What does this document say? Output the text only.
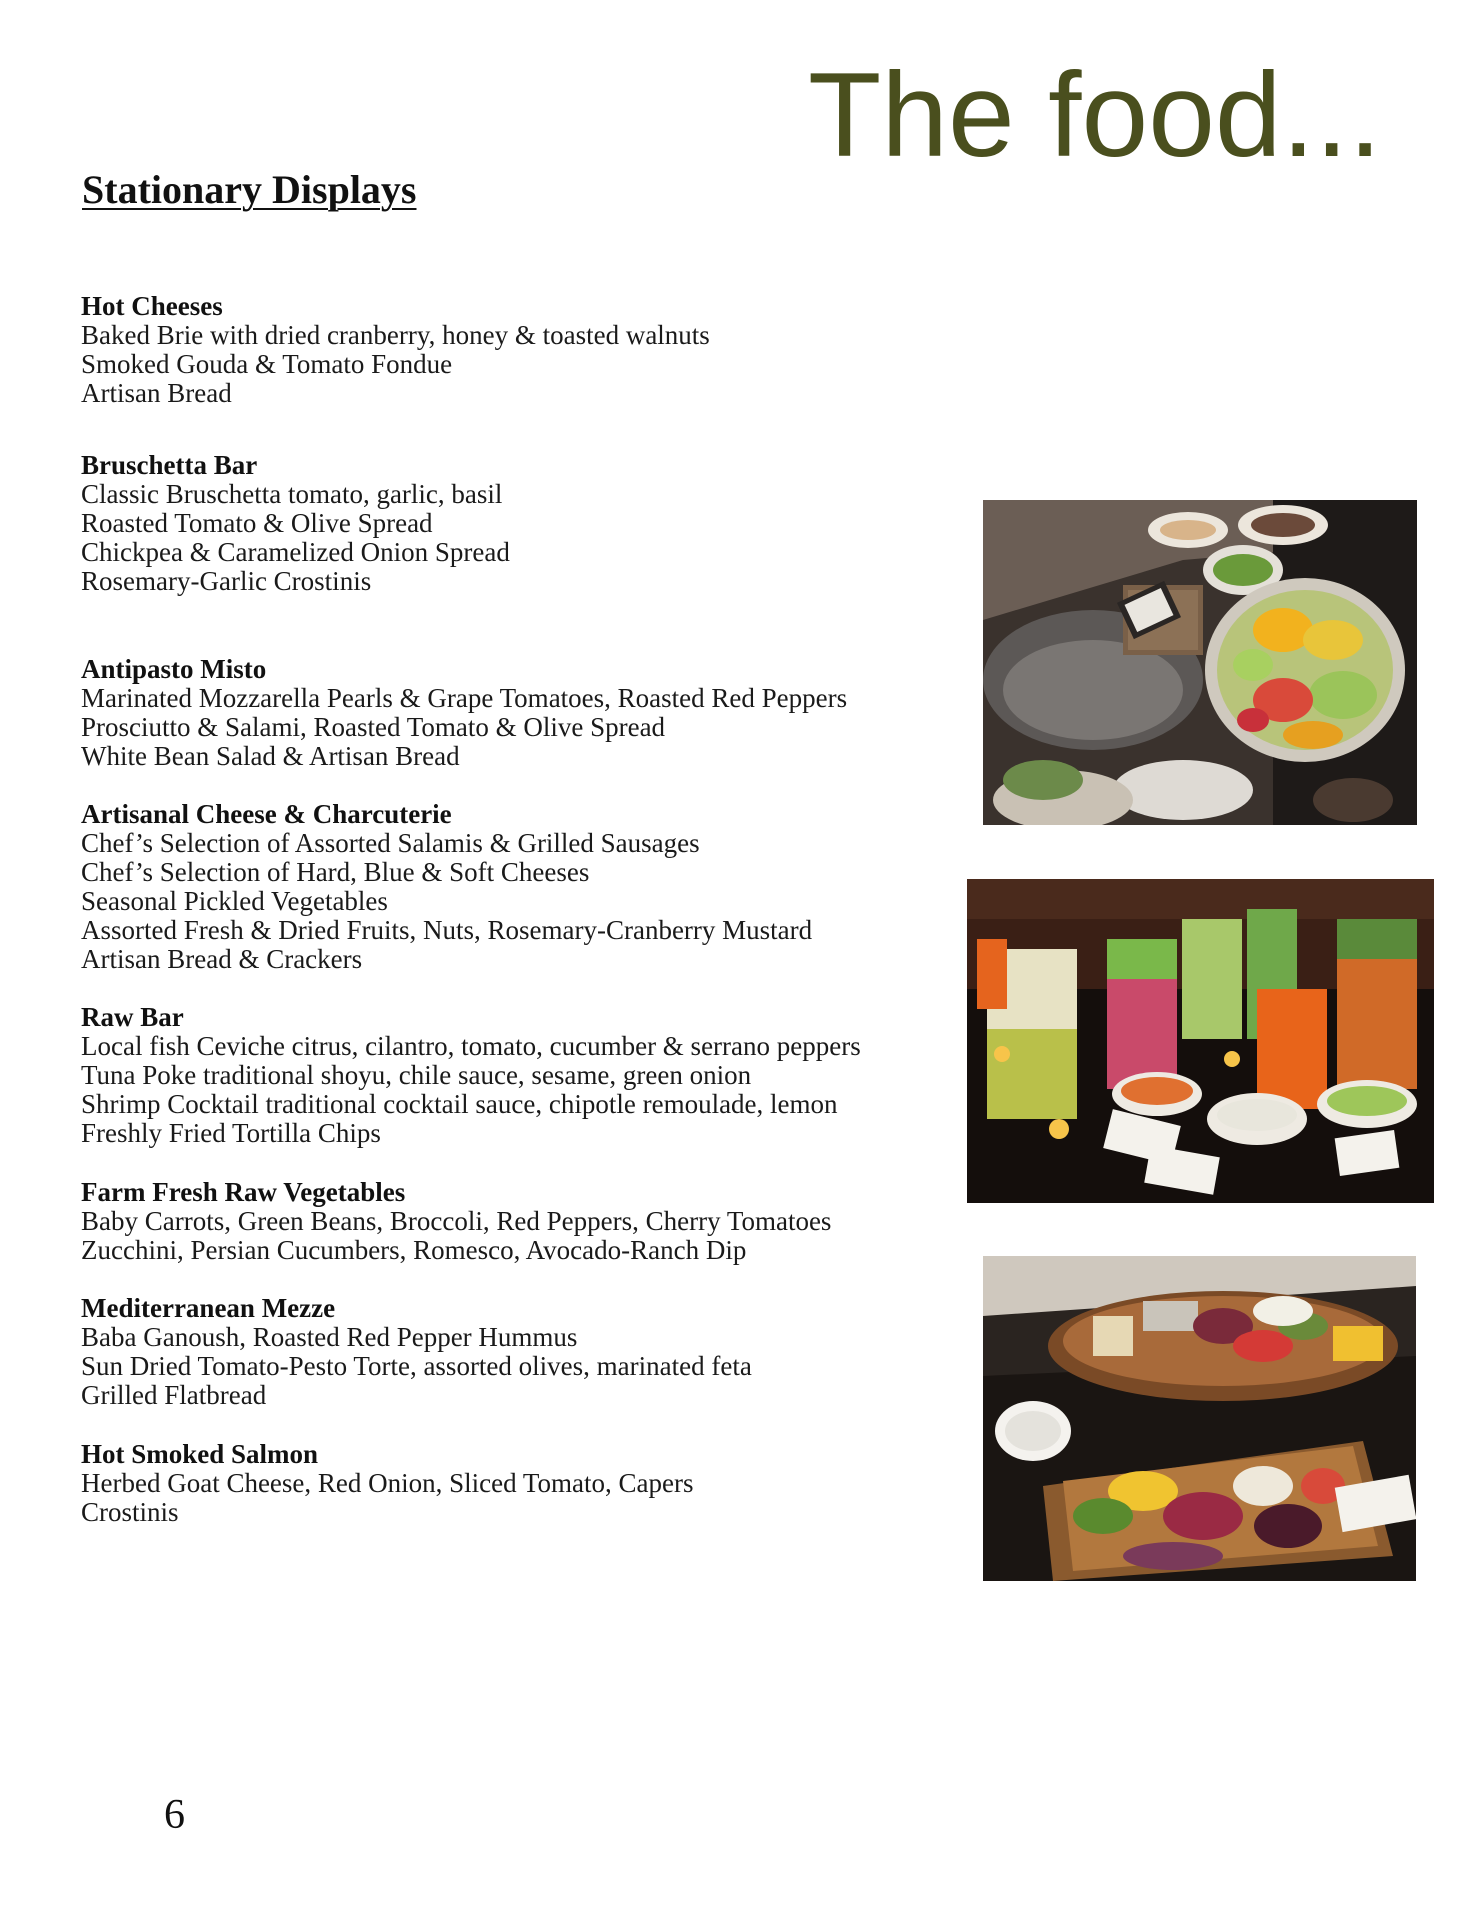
The food...
Stationary Displays
Hot Cheeses

Baked Brie with dried cranberry, honey & toasted walnuts

Smoked Gouda & Tomato Fondue

Artisan Bread

Bruschetta Bar

Classic Bruschetta tomato, garlic, basil

Roasted Tomato & Olive Spread

Chickpea & Caramelized Onion Spread

Rosemary-Garlic Crostinis

Antipasto Misto

Marinated Mozzarella Pearls & Grape Tomatoes, Roasted Red Peppers

Prosciutto & Salami, Roasted Tomato & Olive Spread

White Bean Salad & Artisan Bread

Artisanal Cheese & Charcuterie

Chef’s Selection of Assorted Salamis & Grilled Sausages

Chef’s Selection of Hard, Blue & Soft Cheeses

Seasonal Pickled Vegetables

Assorted Fresh & Dried Fruits, Nuts, Rosemary-Cranberry Mustard

Artisan Bread & Crackers

Raw Bar

Local fish Ceviche citrus, cilantro, tomato, cucumber & serrano peppers

Tuna Poke traditional shoyu, chile sauce, sesame, green onion

Shrimp Cocktail traditional cocktail sauce, chipotle remoulade, lemon

Freshly Fried Tortilla Chips

Farm Fresh Raw Vegetables

Baby Carrots, Green Beans, Broccoli, Red Peppers, Cherry Tomatoes

Zucchini, Persian Cucumbers, Romesco, Avocado-Ranch Dip

Mediterranean Mezze

Baba Ganoush, Roasted Red Pepper Hummus

Sun Dried Tomato-Pesto Torte, assorted olives, marinated feta

Grilled Flatbread

Hot Smoked Salmon

Herbed Goat Cheese, Red Onion, Sliced Tomato, Capers

Crostinis

6
